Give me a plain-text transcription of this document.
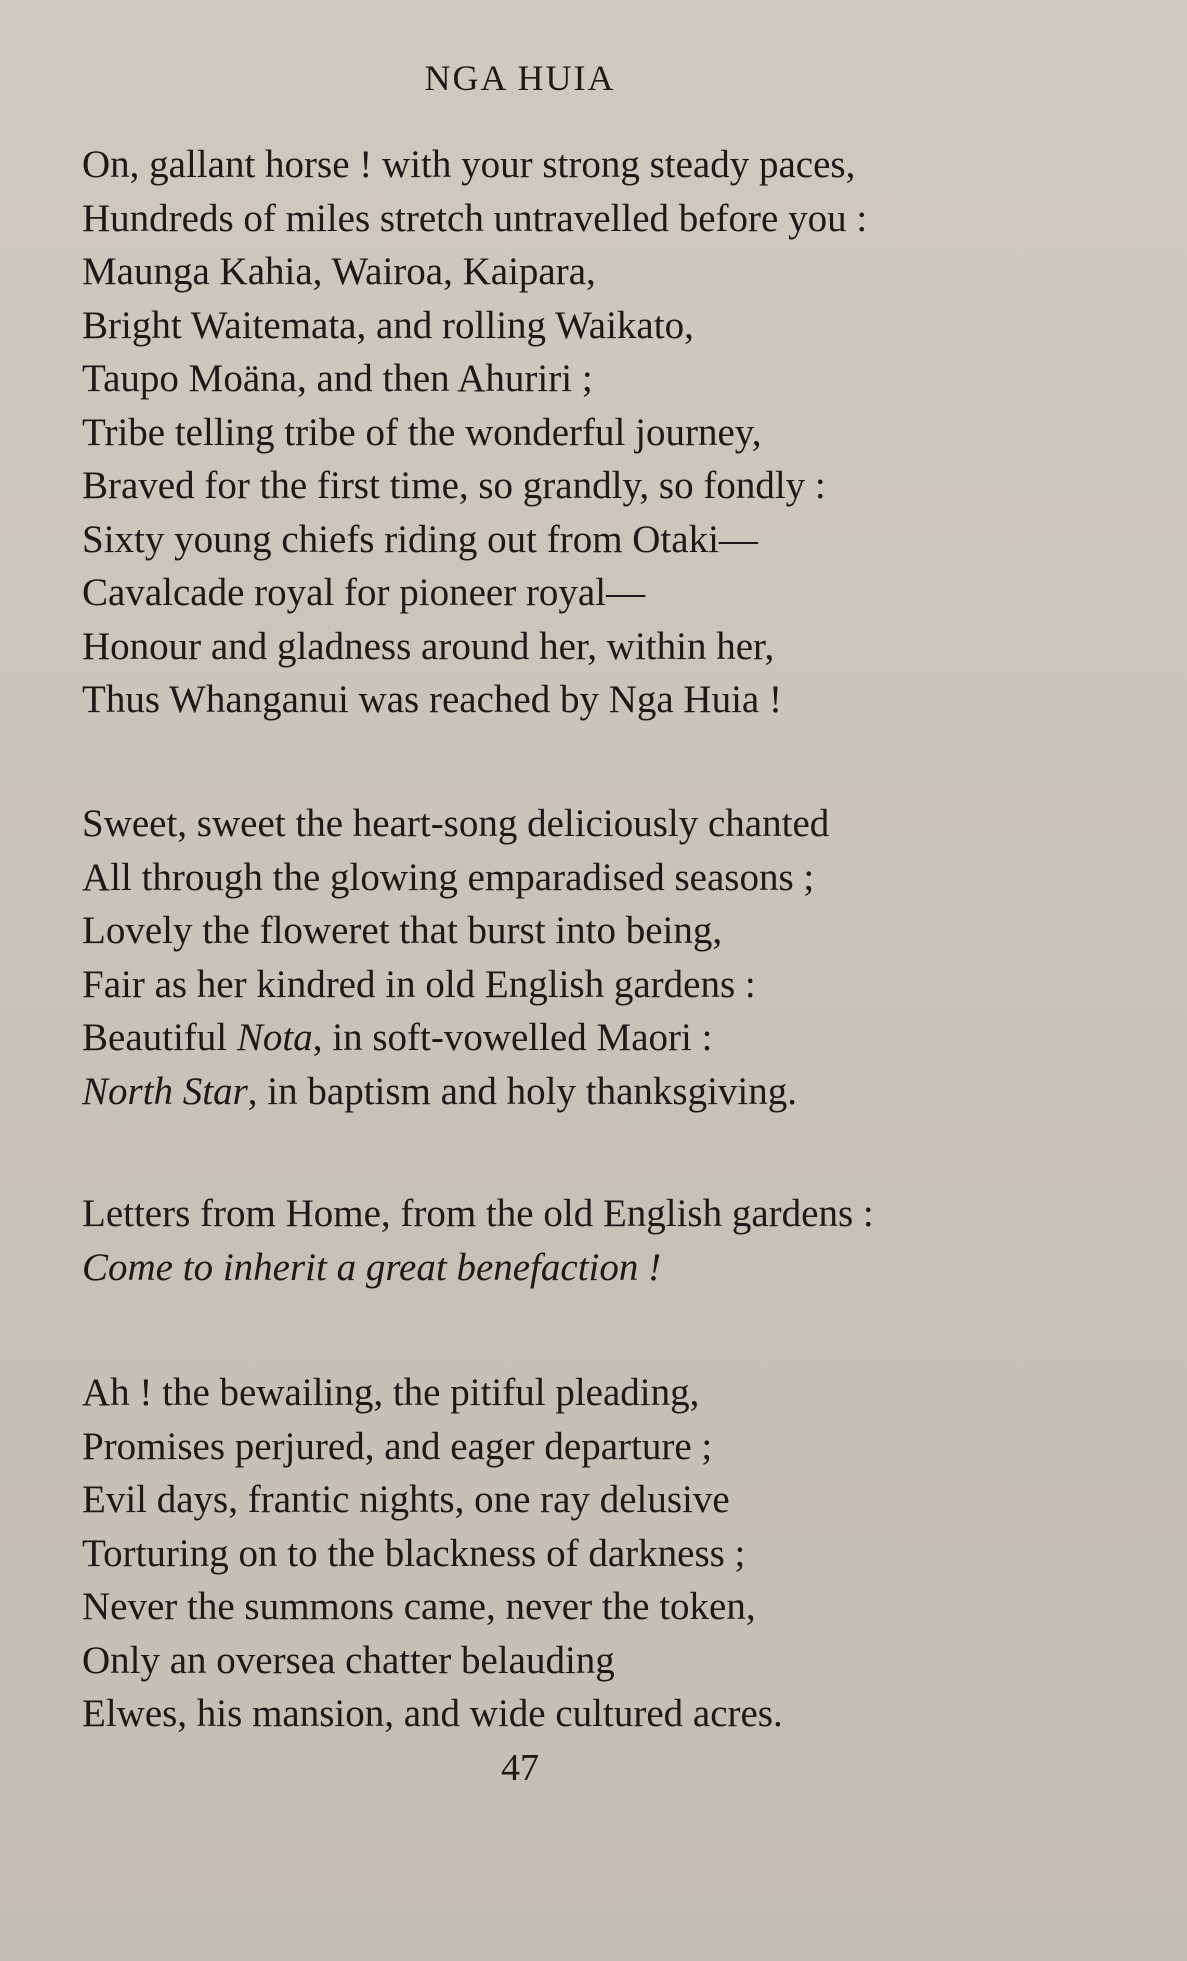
NGA HUIA
On, gallant horse ! with your strong steady paces,
Hundreds of miles stretch untravelled before you :
Maunga Kahia, Wairoa, Kaipara,
Bright Waitemata, and rolling Waikato,
Taupo Moäna, and then Ahuriri ;
Tribe telling tribe of the wonderful journey,
Braved for the first time, so grandly, so fondly :
Sixty young chiefs riding out from Otaki—
Cavalcade royal for pioneer royal—
Honour and gladness around her, within her,
Thus Whanganui was reached by Nga Huia !
Sweet, sweet the heart-song deliciously chanted
All through the glowing emparadised seasons ;
Lovely the floweret that burst into being,
Fair as her kindred in old English gardens :
Beautiful Nota, in soft-vowelled Maori :
North Star, in baptism and holy thanksgiving.
Letters from Home, from the old English gardens :
Come to inherit a great benefaction !
Ah ! the bewailing, the pitiful pleading,
Promises perjured, and eager departure ;
Evil days, frantic nights, one ray delusive
Torturing on to the blackness of darkness ;
Never the summons came, never the token,
Only an oversea chatter belauding
Elwes, his mansion, and wide cultured acres.
47
